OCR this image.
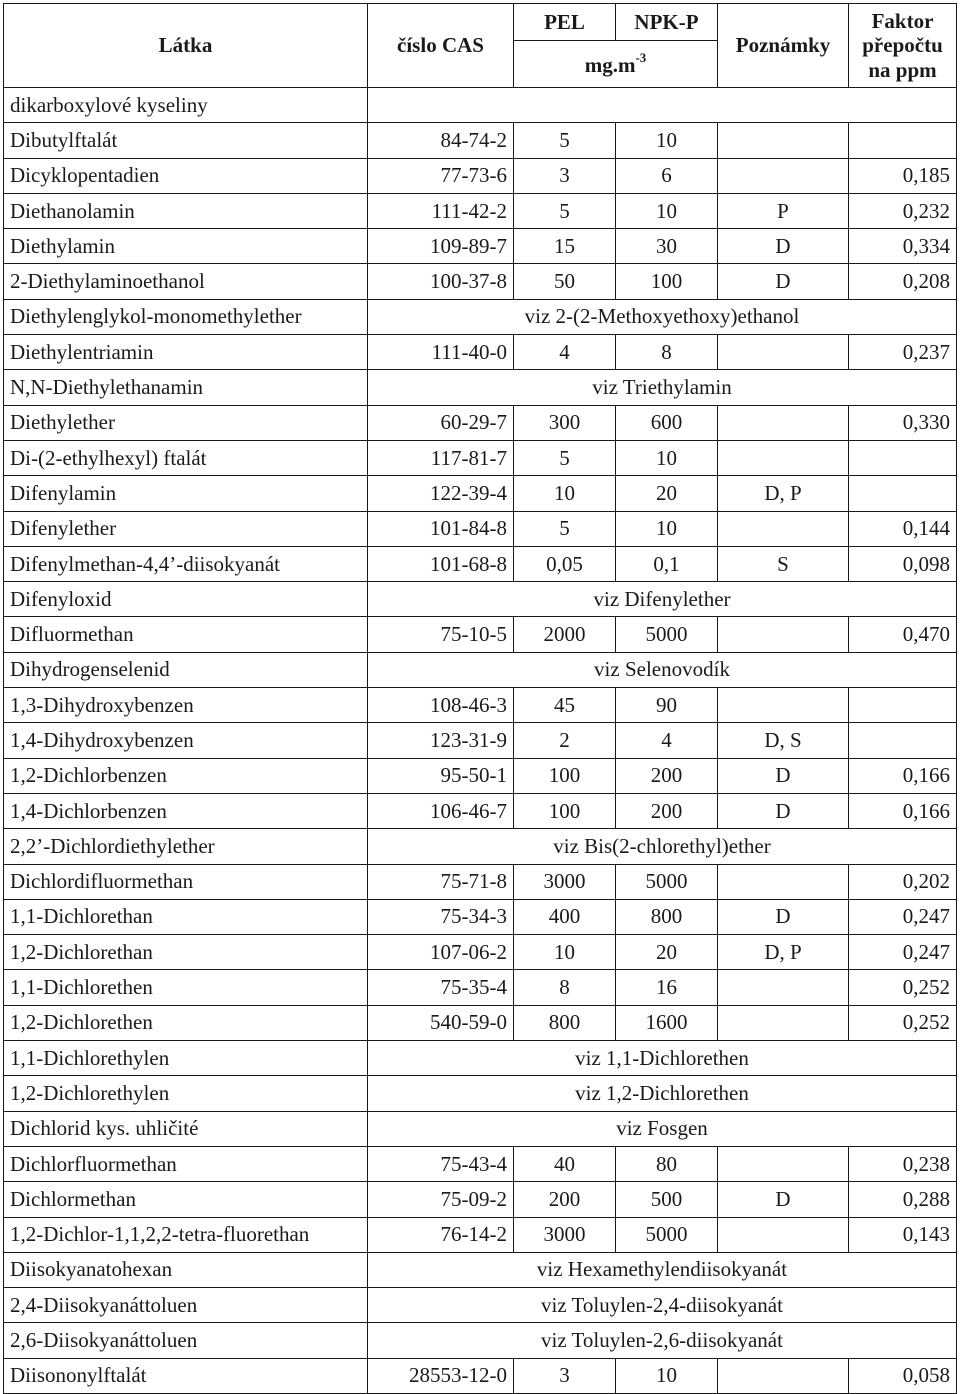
Látka	číslo CAS	PEL	NPK-P	Poznámky	Faktor
přepočtu
na ppm
		$mg.m^{-3}$
dikarboxylové kyseliny					
Dibutylftalát	84-74-2	5	10		
Dicyklopentadien	77-73-6	3	6		0,185
Diethanolamin	111-42-2	5	10	P	0,232
Diethylamin	109-89-7	15	30	D	0,334
2-Diethylaminoethanol	100-37-8	50	100	D	0,208
Diethylenglykol-monomethylether	viz 2-(2-Methoxyethoxy)ethanol				
Diethylentriamin	111-40-0	4	8		0,237
N,N-Diethylethanamin	viz Triethylamin				
Diethylether	60-29-7	300	600		0,330
Di-(2-ethylhexyl) ftalát	117-81-7	5	10		
Difenylamin	122-39-4	10	20	D, P	
Difenylether	101-84-8	5	10		0,144
Difenylmethan-4,4’-diisokyanát	101-68-8	0,05	0,1	S	0,098
Difenyloxid	viz Difenylether				
Difluormethan	75-10-5	2000	5000		0,470
Dihydrogenselenid	viz Selenovodík				
1,3-Dihydroxybenzen	108-46-3	45	90		
1,4-Dihydroxybenzen	123-31-9	2	4	D, S	
1,2-Dichlorbenzen	95-50-1	100	200	D	0,166
1,4-Dichlorbenzen	106-46-7	100	200	D	0,166
2,2’-Dichlordiethylether	viz Bis(2-chlorethyl)ether				
Dichlordifluormethan	75-71-8	3000	5000		0,202
1,1-Dichlorethan	75-34-3	400	800	D	0,247
1,2-Dichlorethan	107-06-2	10	20	D, P	0,247
1,1-Dichlorethen	75-35-4	8	16		0,252
1,2-Dichlorethen	540-59-0	800	1600		0,252
1,1-Dichlorethylen	viz 1,1-Dichlorethen				
1,2-Dichlorethylen	viz 1,2-Dichlorethen				
Dichlorid kys. uhličité	viz Fosgen				
Dichlorfluormethan	75-43-4	40	80		0,238
Dichlormethan	75-09-2	200	500	D	0,288
1,2-Dichlor-1,1,2,2-tetra-fluorethan	76-14-2	3000	5000		0,143
Diisokyanatohexan	viz Hexamethylendiisokyanát				
2,4-Diisokyanáttoluen	viz Toluylen-2,4-diisokyanát				
2,6-Diisokyanáttoluen	viz Toluylen-2,6-diisokyanát				
Diisononylftalát	28553-12-0	3	10		0,058
